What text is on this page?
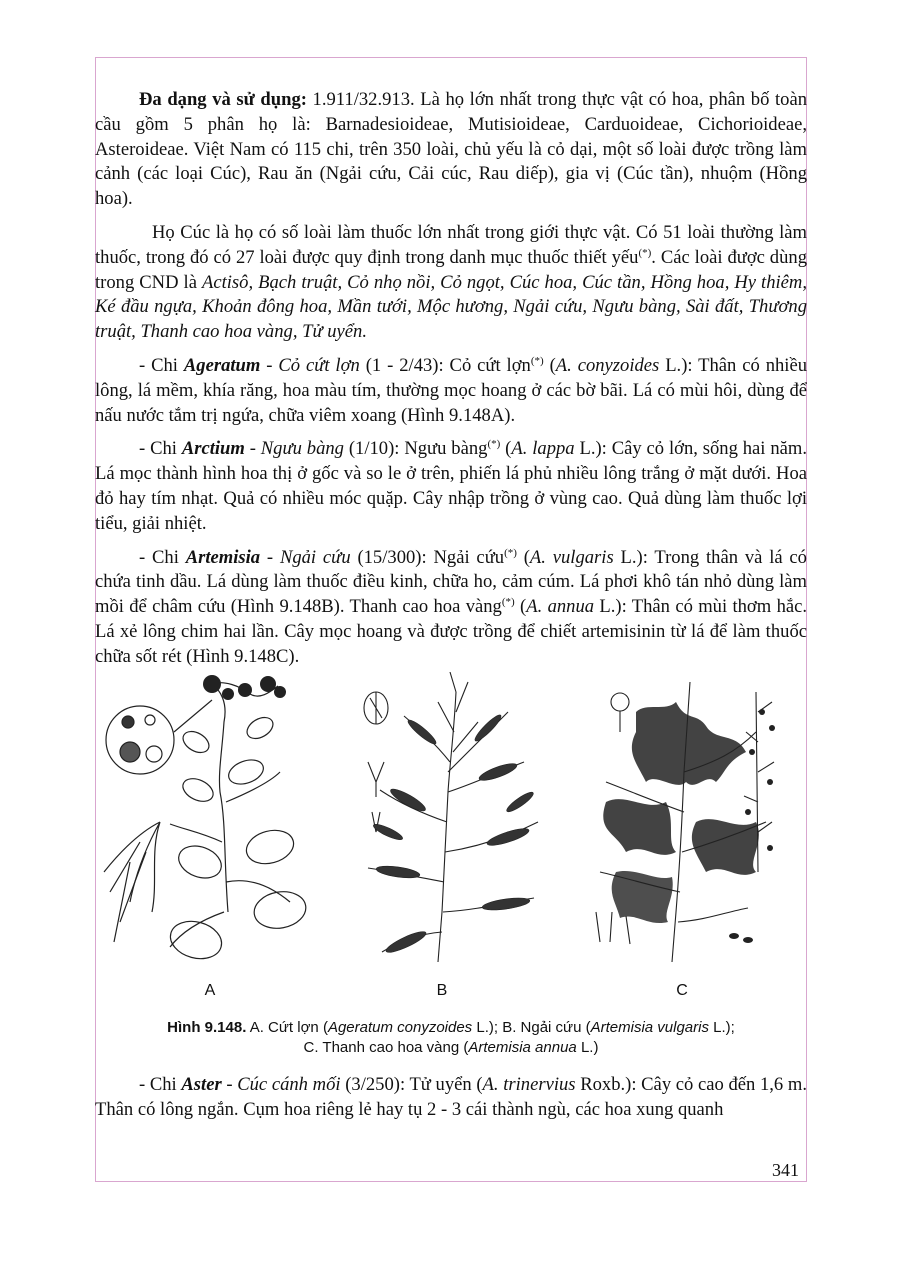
Đa dạng và sử dụng: 1.911/32.913. Là họ lớn nhất trong thực vật có hoa, phân bố toàn cầu gồm 5 phân họ là: Barnadesioideae, Mutisioideae, Carduoideae, Cichorioideae, Asteroideae. Việt Nam có 115 chi, trên 350 loài, chủ yếu là cỏ dại, một số loài được trồng làm cảnh (các loại Cúc), Rau ăn (Ngải cứu, Cải cúc, Rau diếp), gia vị (Cúc tần), nhuộm (Hồng hoa).

Họ Cúc là họ có số loài làm thuốc lớn nhất trong giới thực vật. Có 51 loài thường làm thuốc, trong đó có 27 loài được quy định trong danh mục thuốc thiết yếu(*). Các loài được dùng trong CND là Actisô, Bạch truật, Cỏ nhọ nồi, Cỏ ngọt, Cúc hoa, Cúc tần, Hồng hoa, Hy thiêm, Ké đầu ngựa, Khoản đông hoa, Mần tưới, Mộc hương, Ngải cứu, Ngưu bàng, Sài đất, Thương truật, Thanh cao hoa vàng, Tử uyển.

- Chi Ageratum - Cỏ cứt lợn (1 - 2/43): Cỏ cứt lợn(*) (A. conyzoides L.): Thân có nhiều lông, lá mềm, khía răng, hoa màu tím, thường mọc hoang ở các bờ bãi. Lá có mùi hôi, dùng để nấu nước tắm trị ngứa, chữa viêm xoang (Hình 9.148A).

- Chi Arctium - Ngưu bàng (1/10): Ngưu bàng(*) (A. lappa L.): Cây cỏ lớn, sống hai năm. Lá mọc thành hình hoa thị ở gốc và so le ở trên, phiến lá phủ nhiều lông trắng ở mặt dưới. Hoa đỏ hay tím nhạt. Quả có nhiều móc quặp. Cây nhập trồng ở vùng cao. Quả dùng làm thuốc lợi tiểu, giải nhiệt.

- Chi Artemisia - Ngải cứu (15/300): Ngải cứu(*) (A. vulgaris L.): Trong thân và lá có chứa tinh dầu. Lá dùng làm thuốc điều kinh, chữa ho, cảm cúm. Lá phơi khô tán nhỏ dùng làm mồi để châm cứu (Hình 9.148B). Thanh cao hoa vàng(*) (A. annua L.): Thân có mùi thơm hắc. Lá xẻ lông chim hai lần. Cây mọc hoang và được trồng để chiết artemisinin từ lá để làm thuốc chữa sốt rét (Hình 9.148C).

A	B	C
Hình 9.148. A. Cứt lợn (Ageratum conyzoides L.); B. Ngải cứu (Artemisia vulgaris L.);
C. Thanh cao hoa vàng (Artemisia annua L.)

- Chi Aster - Cúc cánh mối (3/250): Tử uyển (A. trinervius Roxb.): Cây cỏ cao đến 1,6 m. Thân có lông ngắn. Cụm hoa riêng lẻ hay tụ 2 - 3 cái thành ngù, các hoa xung quanh

341
